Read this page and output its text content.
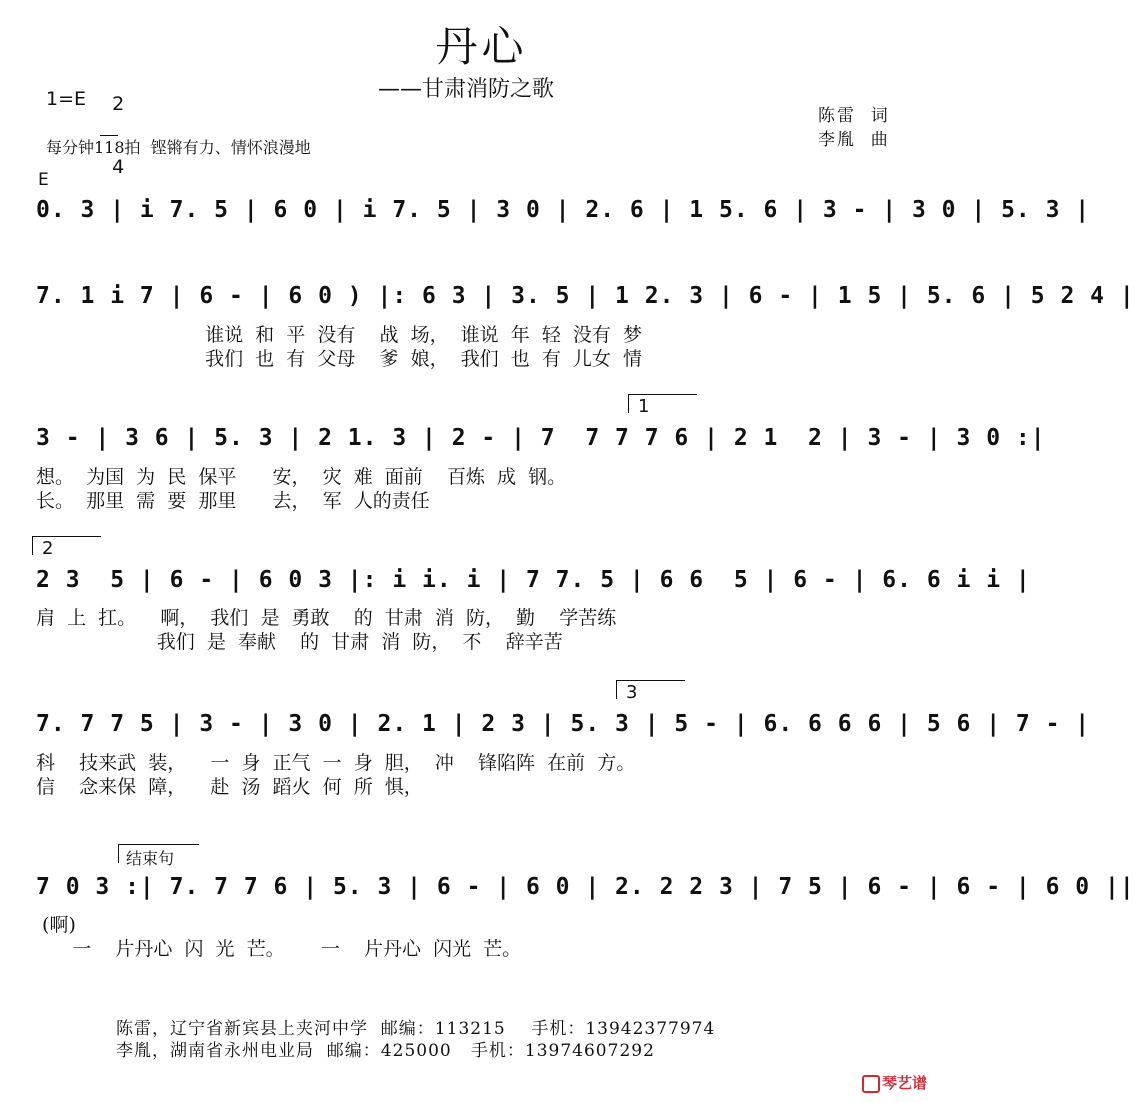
丹心
——甘肃消防之歌
1=E	2

4

陈雷  词
李胤  曲
每分钟118拍  铿锵有力、情怀浪漫地
E
0. 3 | i 7. 5 | 6 0 | i 7. 5 | 3 0 | 2. 6 | 1 5. 6 | 3 - | 3 0 | 5. 3 |
7. 1 i 7 | 6 - | 6 0 ) |: 6 3 | 3. 5 | 1 2. 3 | 6 - | 1 5 | 5. 6 | 5 2 4 |
谁说  和  平  没有    战  场，  谁说  年  轻  没有  梦
我们  也  有  父母    爹  娘，  我们  也  有  儿女  情
1
3 - | 3 6 | 5. 3 | 2 1. 3 | 2 - | 7  7 7 7 6 | 2 1  2 | 3 - | 3 0 :|
想。  为国  为  民  保平      安，  灾  难  面前    百炼  成  钢。
长。  那里  需  要  那里      去，  军  人的责任
2
2 3  5 | 6 - | 6 0 3 |: i i. i | 7 7. 5 | 6 6  5 | 6 - | 6. 6 i i |
肩  上  扛。    啊，  我们  是  勇敢    的  甘肃  消  防，  勤    学苦练
我们  是  奉献    的  甘肃  消  防，  不    辞辛苦
3
7. 7 7 5 | 3 - | 3 0 | 2. 1 | 2 3 | 5. 3 | 5 - | 6. 6 6 6 | 5 6 | 7 - |
科    技来武  装，    一  身  正气  一  身  胆，  冲    锋陷阵  在前  方。
信    念来保  障，    赴  汤  蹈火  何  所  惧，
结束句
7 0 3 :| 7. 7 7 6 | 5. 3 | 6 - | 6 0 | 2. 2 2 3 | 7 5 | 6 - | 6 - | 6 0 ||
(啊)
一    片丹心  闪  光  芒。      一    片丹心  闪光  芒。
陈雷，辽宁省新宾县上夹河中学  邮编：113215    手机：13942377974
李胤，湖南省永州电业局  邮编：425000   手机：13974607292
琴艺谱
